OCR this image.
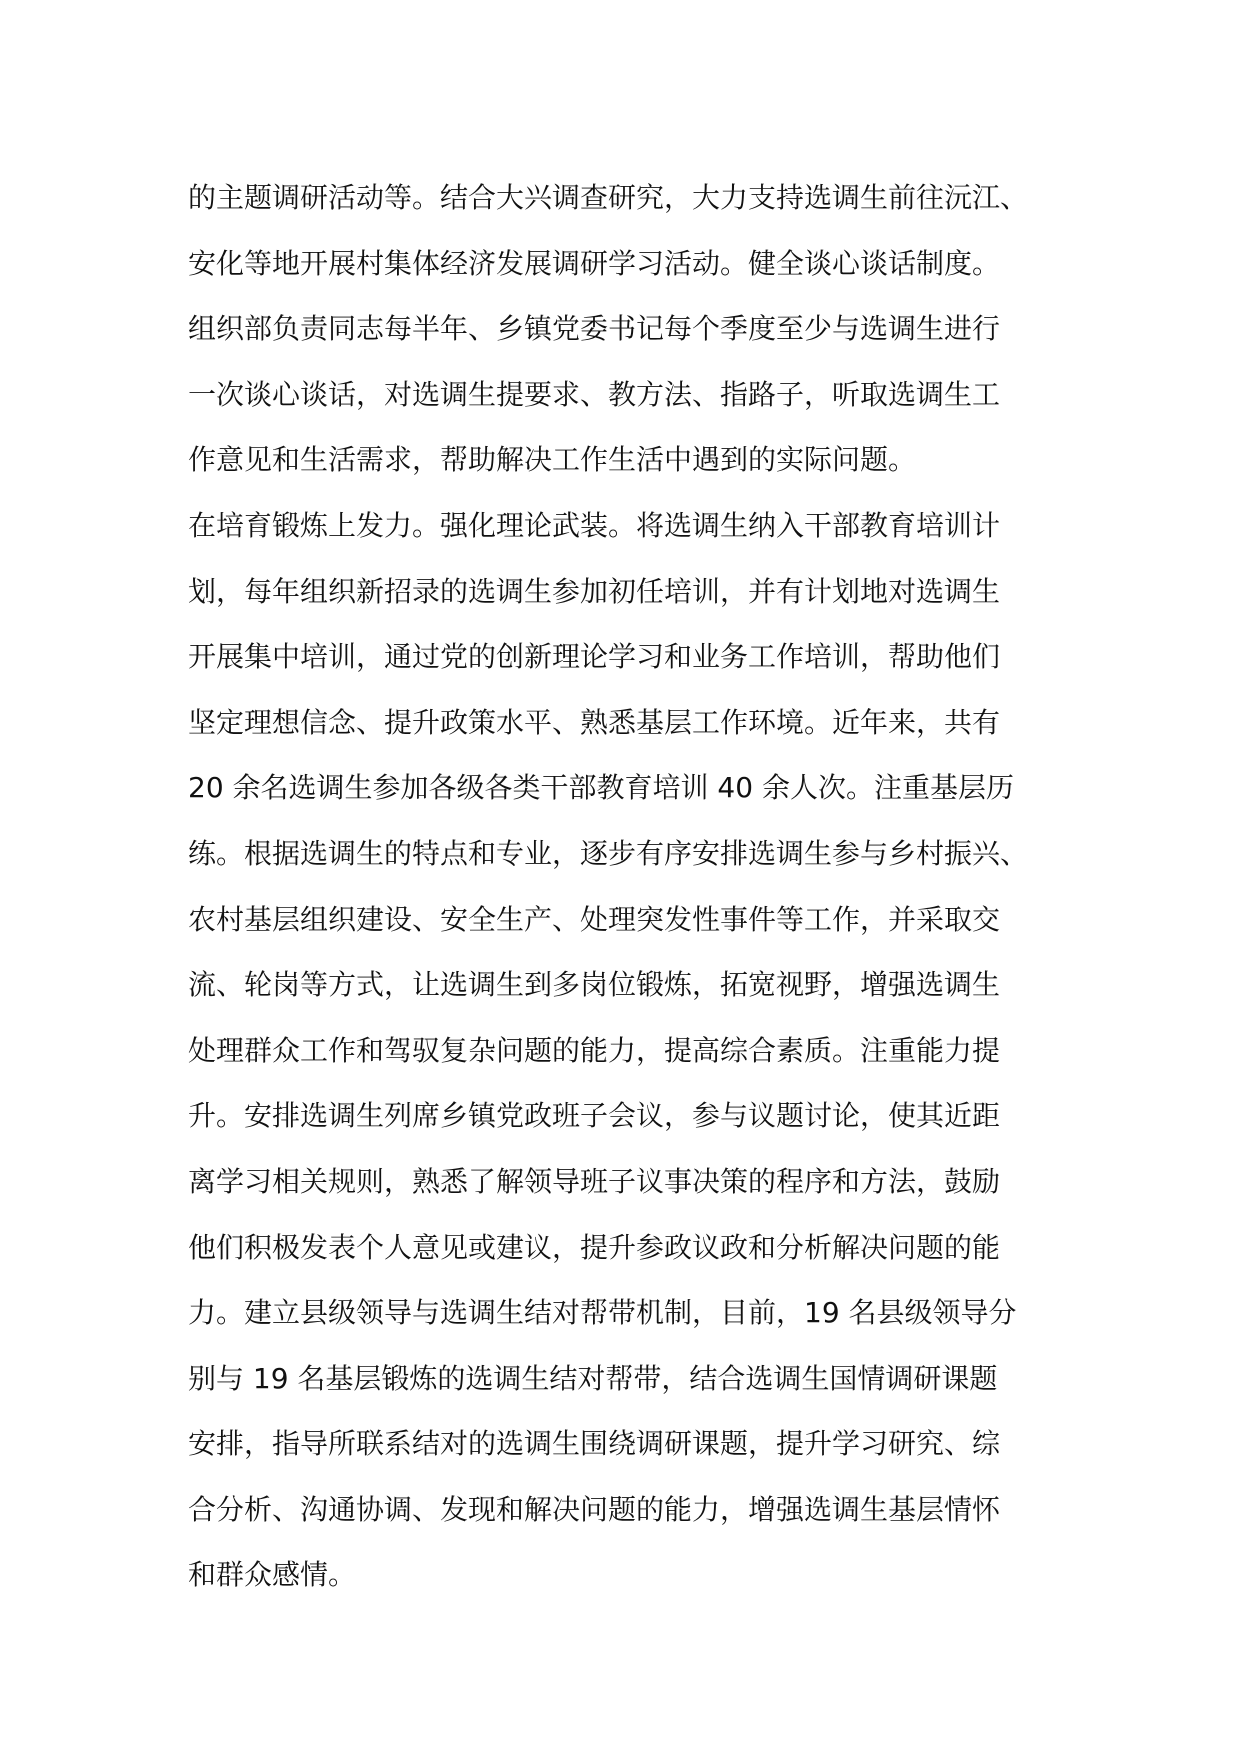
的主题调研活动等。结合大兴调查研究，大力支持选调生前往沅江、

安化等地开展村集体经济发展调研学习活动。健全谈心谈话制度。

组织部负责同志每半年、乡镇党委书记每个季度至少与选调生进行

一次谈心谈话，对选调生提要求、教方法、指路子，听取选调生工

作意见和生活需求，帮助解决工作生活中遇到的实际问题。

在培育锻炼上发力。强化理论武装。将选调生纳入干部教育培训计

划，每年组织新招录的选调生参加初任培训，并有计划地对选调生

开展集中培训，通过党的创新理论学习和业务工作培训，帮助他们

坚定理想信念、提升政策水平、熟悉基层工作环境。近年来，共有

20 余名选调生参加各级各类干部教育培训 40 余人次。注重基层历

练。根据选调生的特点和专业，逐步有序安排选调生参与乡村振兴、

农村基层组织建设、安全生产、处理突发性事件等工作，并采取交

流、轮岗等方式，让选调生到多岗位锻炼，拓宽视野，增强选调生

处理群众工作和驾驭复杂问题的能力，提高综合素质。注重能力提

升。安排选调生列席乡镇党政班子会议，参与议题讨论，使其近距

离学习相关规则，熟悉了解领导班子议事决策的程序和方法，鼓励

他们积极发表个人意见或建议，提升参政议政和分析解决问题的能

力。建立县级领导与选调生结对帮带机制，目前，19 名县级领导分

别与 19 名基层锻炼的选调生结对帮带，结合选调生国情调研课题

安排，指导所联系结对的选调生围绕调研课题，提升学习研究、综

合分析、沟通协调、发现和解决问题的能力，增强选调生基层情怀

和群众感情。
